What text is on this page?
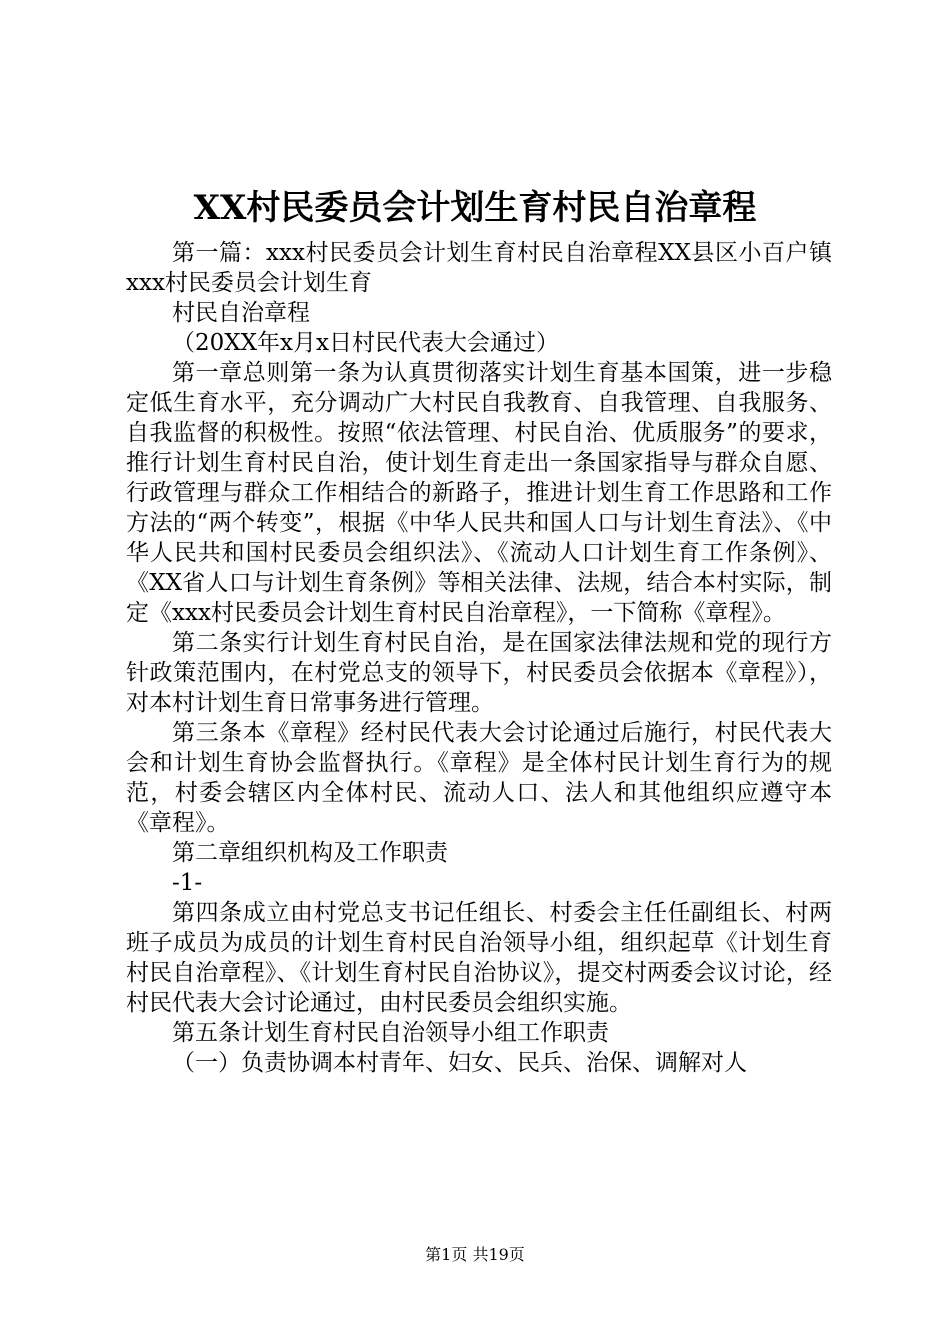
XX村民委员会计划生育村民自治章程

第一篇：xxx村民委员会计划生育村民自治章程XX县区小百户镇xxx村民委员会计划生育

村民自治章程

（20XX年x月x日村民代表大会通过）

第一章总则第一条为认真贯彻落实计划生育基本国策，进一步稳定低生育水平，充分调动广大村民自我教育、自我管理、自我服务、自我监督的积极性。按照“依法管理、村民自治、优质服务”的要求，推行计划生育村民自治，使计划生育走出一条国家指导与群众自愿、行政管理与群众工作相结合的新路子，推进计划生育工作思路和工作方法的“两个转变”，根据《中华人民共和国人口与计划生育法》、《中华人民共和国村民委员会组织法》、《流动人口计划生育工作条例》、《XX省人口与计划生育条例》等相关法律、法规，结合本村实际，制定《xxx村民委员会计划生育村民自治章程》，一下简称《章程》。

第二条实行计划生育村民自治，是在国家法律法规和党的现行方针政策范围内，在村党总支的领导下，村民委员会依据本《章程》），对本村计划生育日常事务进行管理。

第三条本《章程》经村民代表大会讨论通过后施行，村民代表大会和计划生育协会监督执行。《章程》是全体村民计划生育行为的规范，村委会辖区内全体村民、流动人口、法人和其他组织应遵守本《章程》。

第二章组织机构及工作职责

-1-

第四条成立由村党总支书记任组长、村委会主任任副组长、村两班子成员为成员的计划生育村民自治领导小组，组织起草《计划生育村民自治章程》、《计划生育村民自治协议》，提交村两委会议讨论，经村民代表大会讨论通过，由村民委员会组织实施。

第五条计划生育村民自治领导小组工作职责

（一）负责协调本村青年、妇女、民兵、治保、调解对人

第1页 共19页
